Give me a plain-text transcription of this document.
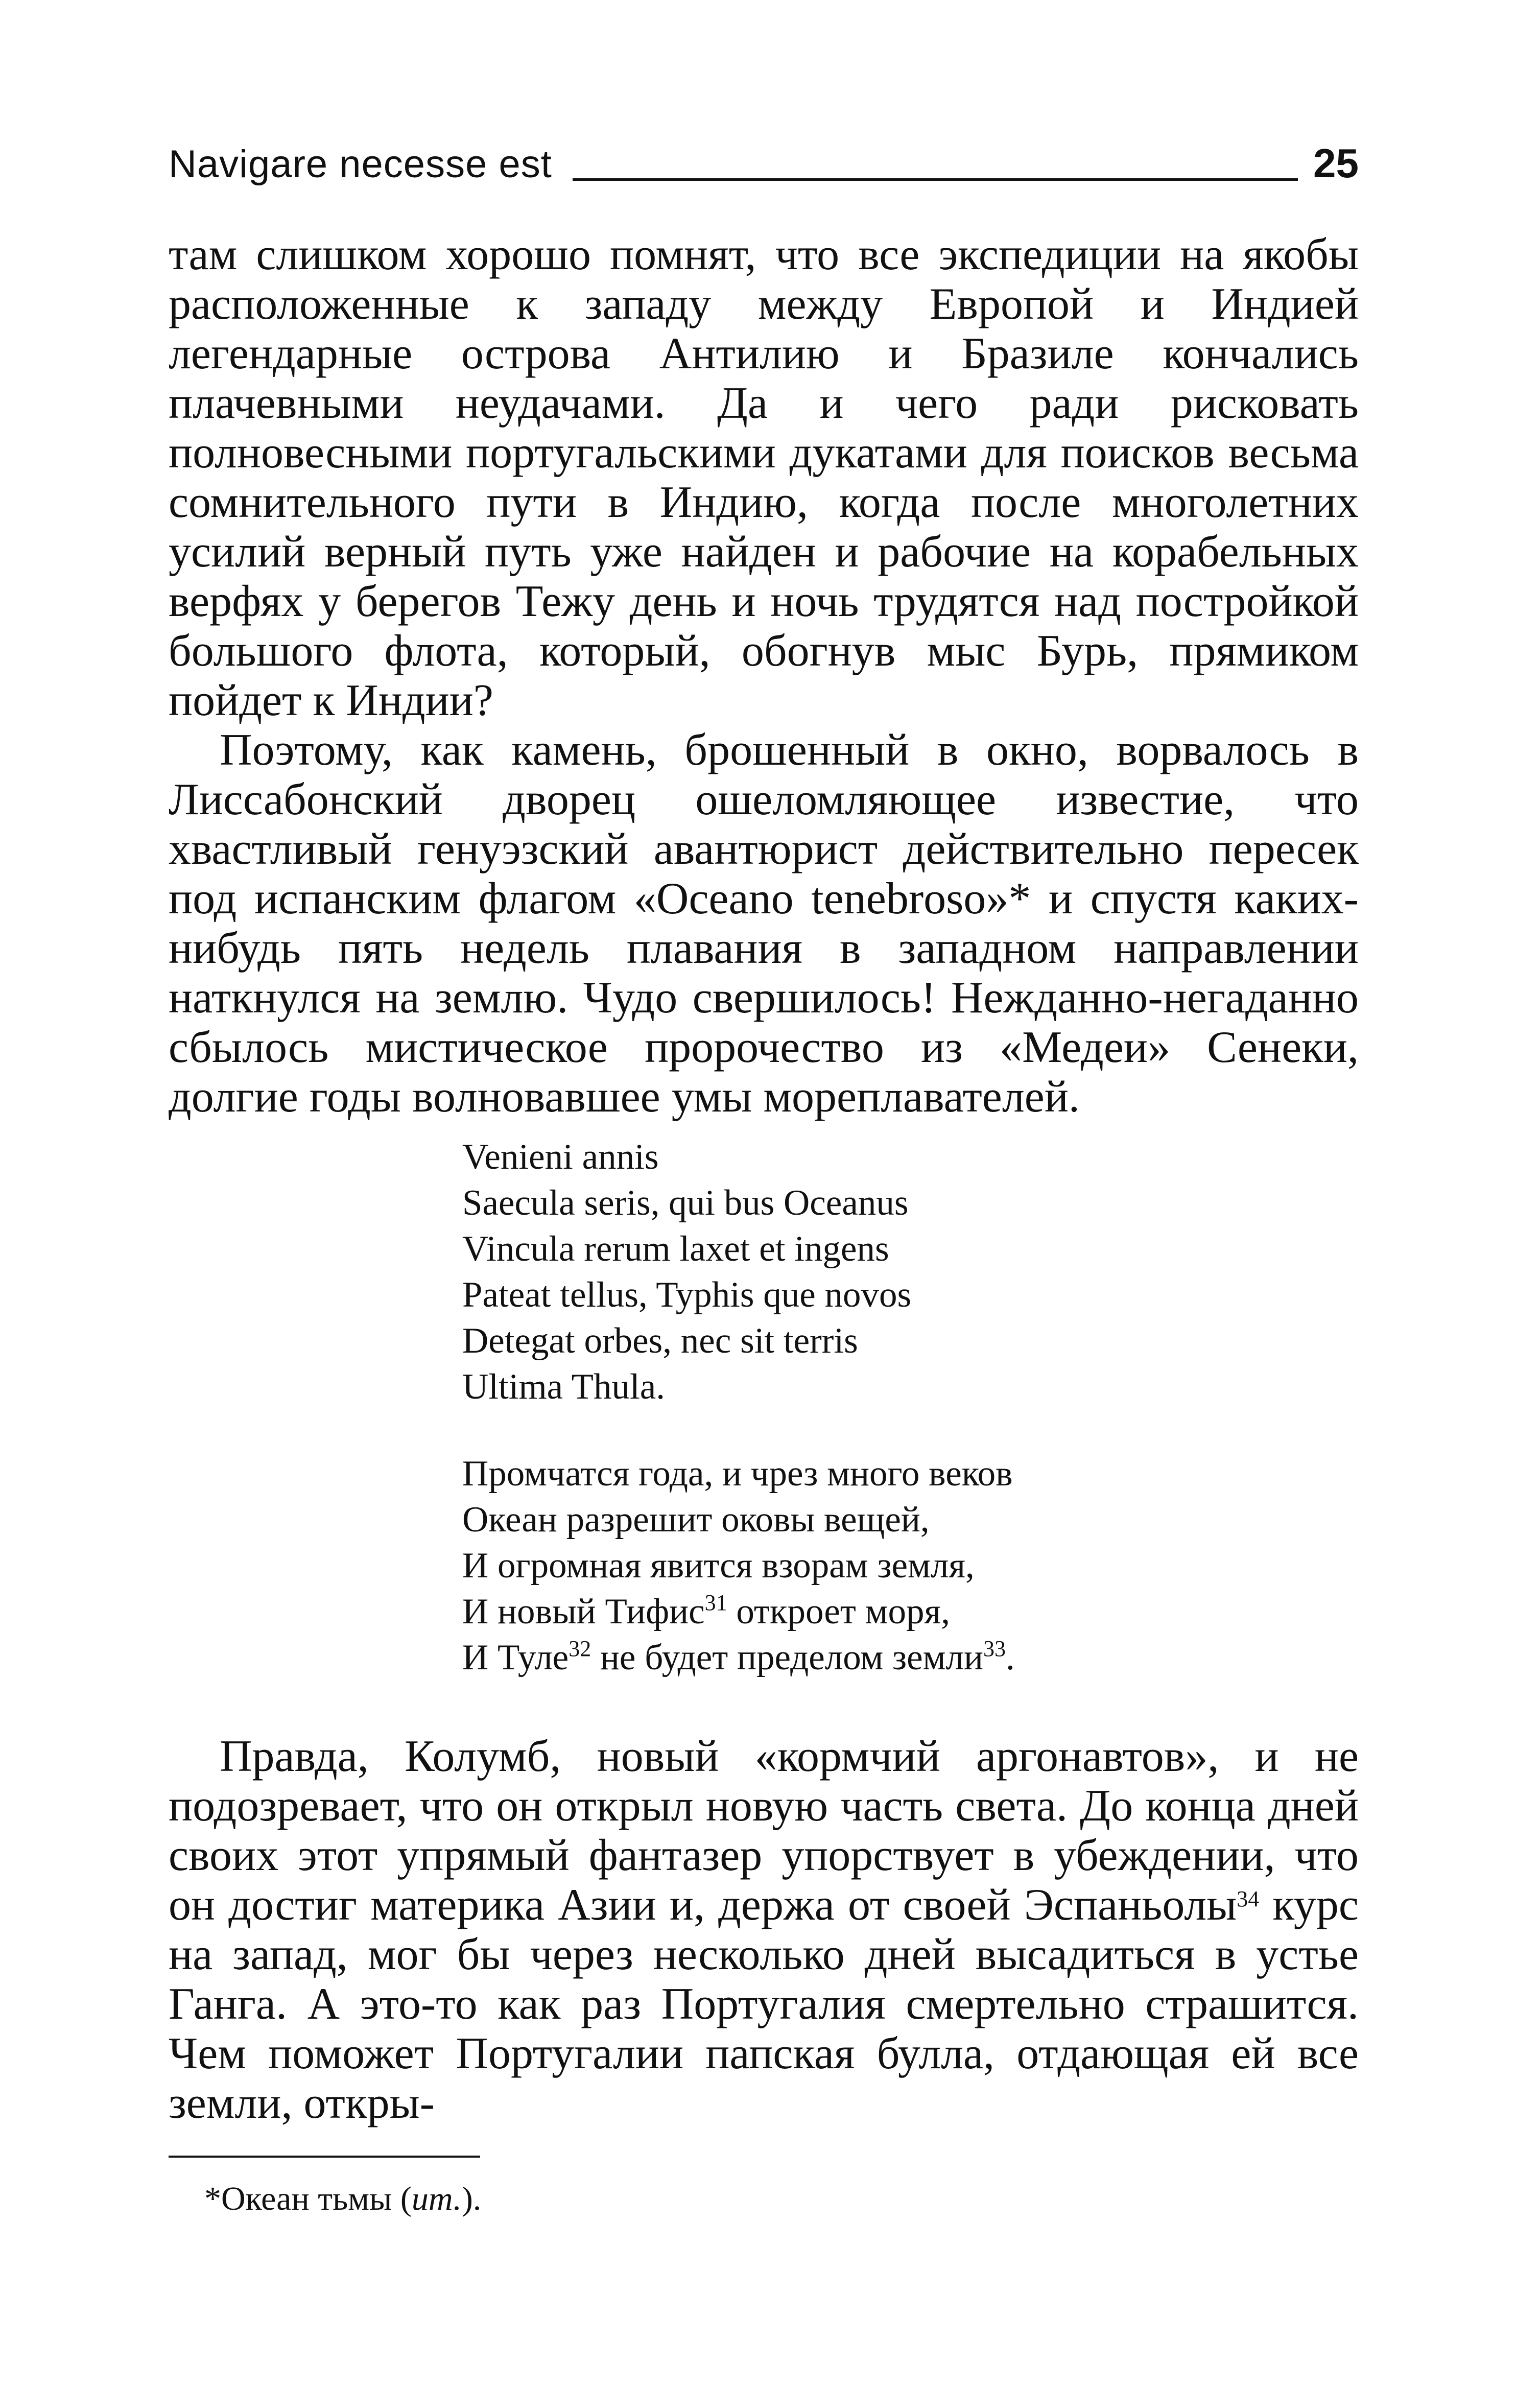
Navigare necesse est	25

там слишком хорошо помнят, что все экспедиции на якобы расположенные к западу между Европой и Индией легендарные острова Антилию и Бразиле кончались плачевными неудачами. Да и чего ради рисковать полновесными португальскими дукатами для поисков весьма сомнительного пути в Индию, когда после многолетних усилий верный путь уже найден и рабочие на корабельных верфях у берегов Тежу день и ночь трудятся над постройкой большого флота, который, обогнув мыс Бурь, прямиком пойдет к Индии?

Поэтому, как камень, брошенный в окно, ворвалось в Лиссабонский дворец ошеломляющее известие, что хвастливый генуэзский авантюрист действительно пересек под испанским флагом «Oceano tenebroso»* и спустя каких-нибудь пять недель плавания в западном направлении наткнулся на землю. Чудо свершилось! Нежданно-негаданно сбылось мистическое пророчество из «Медеи» Сенеки, долгие годы волновавшее умы мореплавателей.

Venieni annis
Saecula seris, qui bus Oceanus
Vincula rerum laxet et ingens
Pateat tellus, Typhis que novos
Detegat orbes, nec sit terris
Ultima Thula.
Промчатся года, и чрез много веков
Океан разрешит оковы вещей,
И огромная явится взорам земля,
И новый Тифис$^{31}$ откроет моря,
И Туле$^{32}$ не будет пределом земли$^{33}$.

Правда, Колумб, новый «кормчий аргонавтов», и не подозревает, что он открыл новую часть света. До конца дней своих этот упрямый фантазер упорствует в убеждении, что он достиг материка Азии и, держа от своей Эспаньолы$^{34}$ курс на запад, мог бы через несколько дней высадиться в устье Ганга. А это-то как раз Португалия смертельно страшится. Чем поможет Португалии папская булла, отдающая ей все земли, откры-

*Океан тьмы (ит.).
